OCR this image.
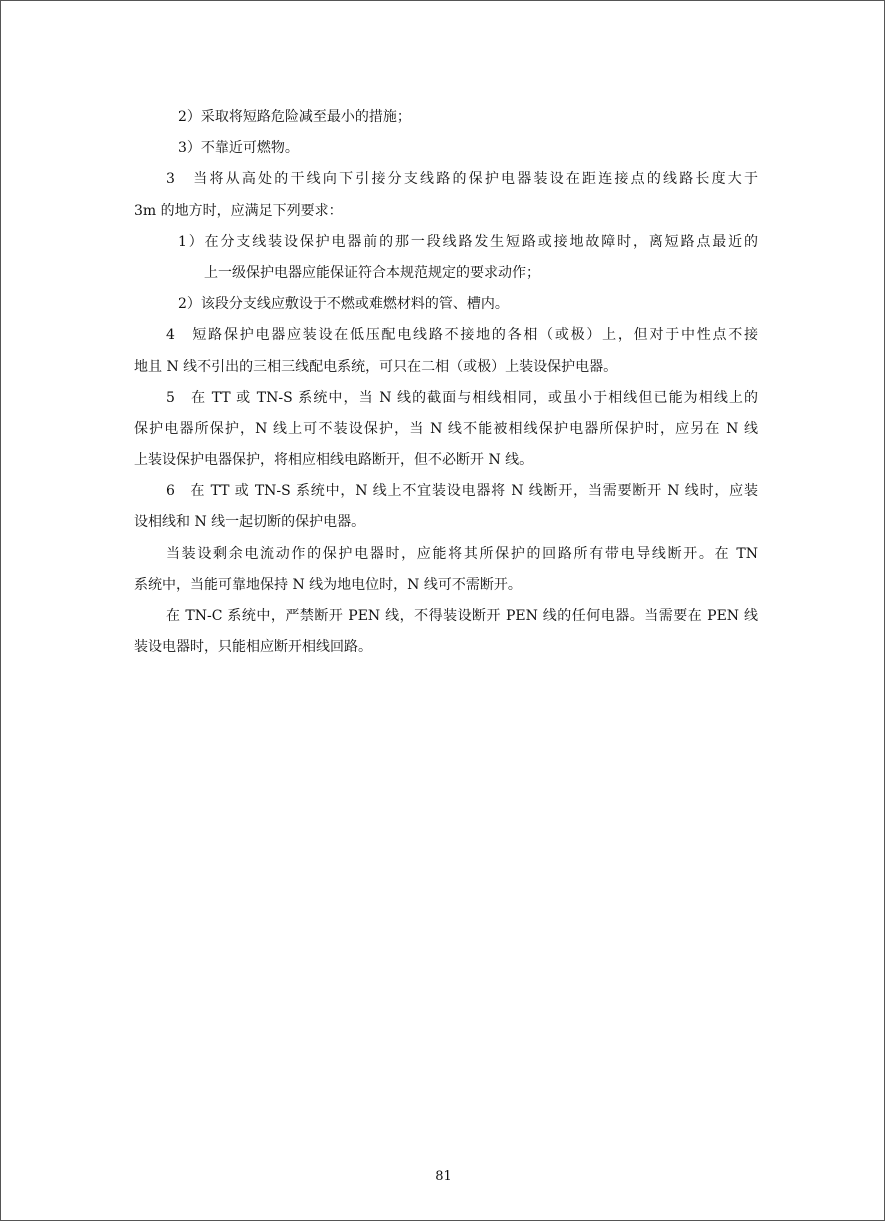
2）采取将短路危险减至最小的措施；
3）不靠近可燃物。
3　当将从高处的干线向下引接分支线路的保护电器装设在距连接点的线路长度大于
3m 的地方时，应满足下列要求：
1）在分支线装设保护电器前的那一段线路发生短路或接地故障时，离短路点最近的
上一级保护电器应能保证符合本规范规定的要求动作；
2）该段分支线应敷设于不燃或难燃材料的管、槽内。
4　短路保护电器应装设在低压配电线路不接地的各相（或极）上，但对于中性点不接
地且 N 线不引出的三相三线配电系统，可只在二相（或极）上装设保护电器。
5　在 TT 或 TN-S 系统中，当 N 线的截面与相线相同，或虽小于相线但已能为相线上的
保护电器所保护，N 线上可不装设保护，当 N 线不能被相线保护电器所保护时，应另在 N 线
上装设保护电器保护，将相应相线电路断开，但不必断开 N 线。
6　在 TT 或 TN-S 系统中，N 线上不宜装设电器将 N 线断开，当需要断开 N 线时，应装
设相线和 N 线一起切断的保护电器。
当装设剩余电流动作的保护电器时，应能将其所保护的回路所有带电导线断开。在 TN
系统中，当能可靠地保持 N 线为地电位时，N 线可不需断开。
在 TN-C 系统中，严禁断开 PEN 线，不得装设断开 PEN 线的任何电器。当需要在 PEN 线
装设电器时，只能相应断开相线回路。
81
